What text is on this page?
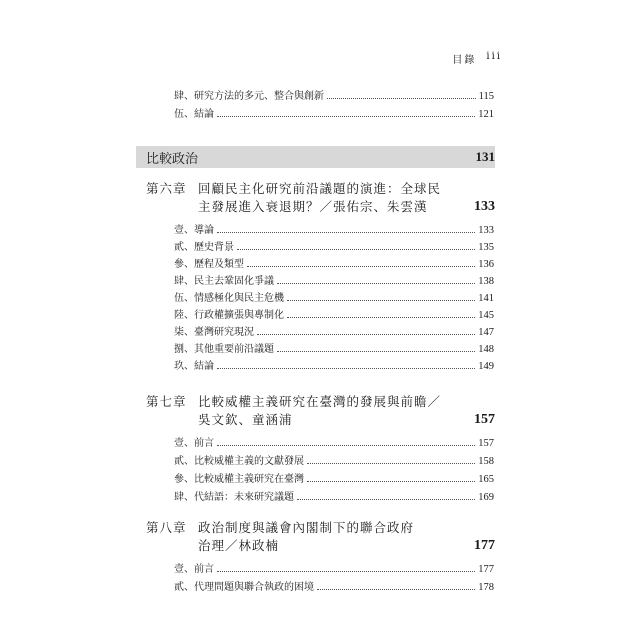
目錄 iii
肆、研究方法的多元、整合與創新	115
伍、結論	121
比較政治	131
第六章 回顧民主化研究前沿議題的演進：全球民
主發展進入衰退期？／張佑宗、朱雲漢	133
壹、導論	133
貳、歷史背景	135
參、歷程及類型	136
肆、民主去鞏固化爭議	138
伍、情感極化與民主危機	141
陸、行政權擴張與專制化	145
柒、臺灣研究現況	147
捌、其他重要前沿議題	148
玖、結論	149
第七章 比較威權主義研究在臺灣的發展與前瞻／
吳文欽、童涵浦	157
壹、前言	157
貳、比較威權主義的文獻發展	158
參、比較威權主義研究在臺灣	165
肆、代結語：未來研究議題	169
第八章 政治制度與議會內閣制下的聯合政府
治理／林政楠	177
壹、前言	177
貳、代理問題與聯合執政的困境	178
